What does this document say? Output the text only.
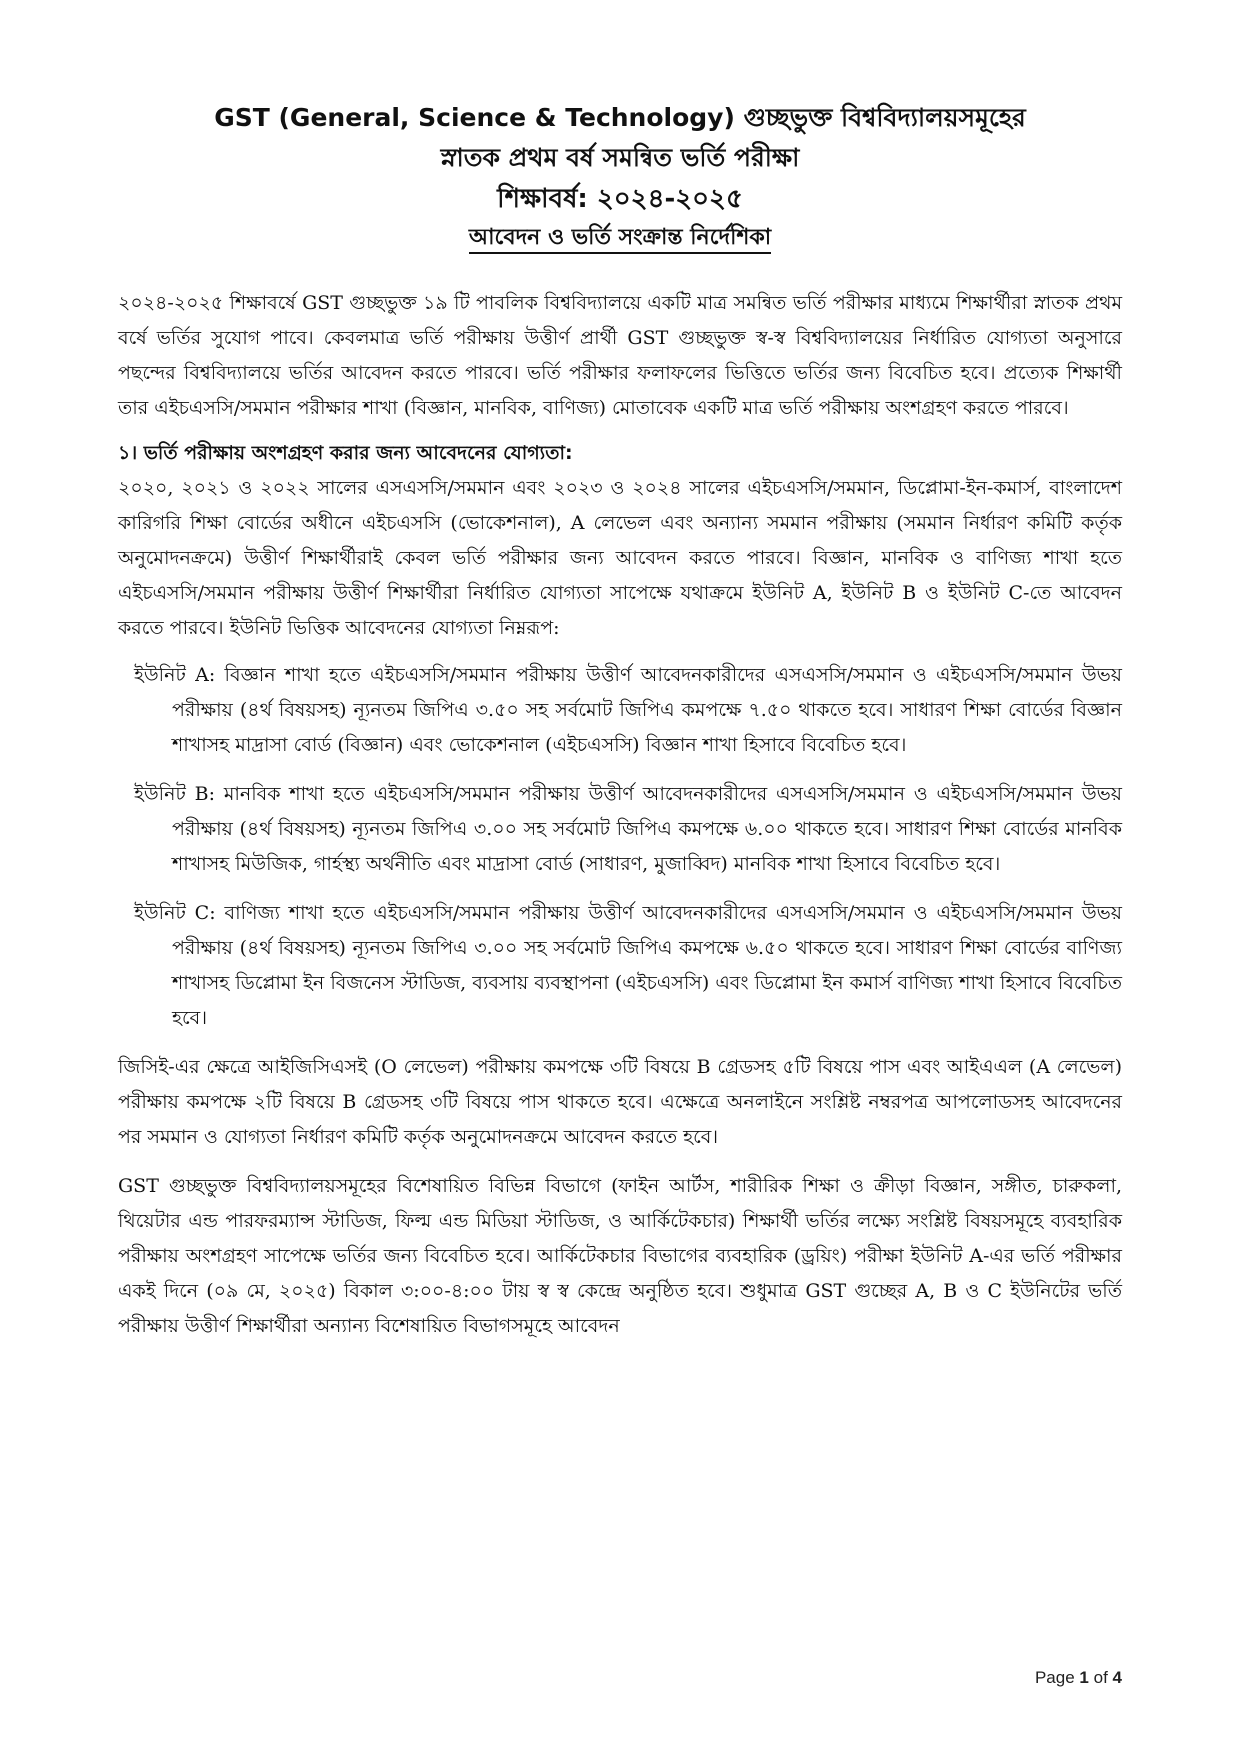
GST (General, Science & Technology) গুচ্ছভুক্ত বিশ্ববিদ্যালয়সমূহের
স্নাতক প্রথম বর্ষ সমন্বিত ভর্তি পরীক্ষা
শিক্ষাবর্ষ: ২০২৪-২০২৫
আবেদন ও ভর্তি সংক্রান্ত নির্দেশিকা

২০২৪-২০২৫ শিক্ষাবর্ষে GST গুচ্ছভুক্ত ১৯ টি পাবলিক বিশ্ববিদ্যালয়ে একটি মাত্র সমন্বিত ভর্তি পরীক্ষার মাধ্যমে শিক্ষার্থীরা স্নাতক প্রথম বর্ষে ভর্তির সুযোগ পাবে। কেবলমাত্র ভর্তি পরীক্ষায় উত্তীর্ণ প্রার্থী GST গুচ্ছভুক্ত স্ব-স্ব বিশ্ববিদ্যালয়ের নির্ধারিত যোগ্যতা অনুসারে পছন্দের বিশ্ববিদ্যালয়ে ভর্তির আবেদন করতে পারবে। ভর্তি পরীক্ষার ফলাফলের ভিত্তিতে ভর্তির জন্য বিবেচিত হবে। প্রত্যেক শিক্ষার্থী তার এইচএসসি/সমমান পরীক্ষার শাখা (বিজ্ঞান, মানবিক, বাণিজ্য) মোতাবেক একটি মাত্র ভর্তি পরীক্ষায় অংশগ্রহণ করতে পারবে।

১। ভর্তি পরীক্ষায় অংশগ্রহণ করার জন্য আবেদনের যোগ্যতা:

২০২০, ২০২১ ও ২০২২ সালের এসএসসি/সমমান এবং ২০২৩ ও ২০২৪ সালের এইচএসসি/সমমান, ডিপ্লোমা-ইন-কমার্স, বাংলাদেশ কারিগরি শিক্ষা বোর্ডের অধীনে এইচএসসি (ভোকেশনাল), A লেভেল এবং অন্যান্য সমমান পরীক্ষায় (সমমান নির্ধারণ কমিটি কর্তৃক অনুমোদনক্রমে) উত্তীর্ণ শিক্ষার্থীরাই কেবল ভর্তি পরীক্ষার জন্য আবেদন করতে পারবে। বিজ্ঞান, মানবিক ও বাণিজ্য শাখা হতে এইচএসসি/সমমান পরীক্ষায় উত্তীর্ণ শিক্ষার্থীরা নির্ধারিত যোগ্যতা সাপেক্ষে যথাক্রমে ইউনিট A, ইউনিট B ও ইউনিট C-তে আবেদন করতে পারবে। ইউনিট ভিত্তিক আবেদনের যোগ্যতা নিম্নরূপ:

ইউনিট A: বিজ্ঞান শাখা হতে এইচএসসি/সমমান পরীক্ষায় উত্তীর্ণ আবেদনকারীদের এসএসসি/সমমান ও এইচএসসি/সমমান উভয় পরীক্ষায় (৪র্থ বিষয়সহ) ন্যূনতম জিপিএ ৩.৫০ সহ সর্বমোট জিপিএ কমপক্ষে ৭.৫০ থাকতে হবে। সাধারণ শিক্ষা বোর্ডের বিজ্ঞান শাখাসহ মাদ্রাসা বোর্ড (বিজ্ঞান) এবং ভোকেশনাল (এইচএসসি) বিজ্ঞান শাখা হিসাবে বিবেচিত হবে।

ইউনিট B: মানবিক শাখা হতে এইচএসসি/সমমান পরীক্ষায় উত্তীর্ণ আবেদনকারীদের এসএসসি/সমমান ও এইচএসসি/সমমান উভয় পরীক্ষায় (৪র্থ বিষয়সহ) ন্যূনতম জিপিএ ৩.০০ সহ সর্বমোট জিপিএ কমপক্ষে ৬.০০ থাকতে হবে। সাধারণ শিক্ষা বোর্ডের মানবিক শাখাসহ মিউজিক, গার্হস্থ্য অর্থনীতি এবং মাদ্রাসা বোর্ড (সাধারণ, মুজাব্বিদ) মানবিক শাখা হিসাবে বিবেচিত হবে।

ইউনিট C: বাণিজ্য শাখা হতে এইচএসসি/সমমান পরীক্ষায় উত্তীর্ণ আবেদনকারীদের এসএসসি/সমমান ও এইচএসসি/সমমান উভয় পরীক্ষায় (৪র্থ বিষয়সহ) ন্যূনতম জিপিএ ৩.০০ সহ সর্বমোট জিপিএ কমপক্ষে ৬.৫০ থাকতে হবে। সাধারণ শিক্ষা বোর্ডের বাণিজ্য শাখাসহ ডিপ্লোমা ইন বিজনেস স্টাডিজ, ব্যবসায় ব্যবস্থাপনা (এইচএসসি) এবং ডিপ্লোমা ইন কমার্স বাণিজ্য শাখা হিসাবে বিবেচিত হবে।

জিসিই-এর ক্ষেত্রে আইজিসিএসই (O লেভেল) পরীক্ষায় কমপক্ষে ৩টি বিষয়ে B গ্রেডসহ ৫টি বিষয়ে পাস এবং আইএএল (A লেভেল) পরীক্ষায় কমপক্ষে ২টি বিষয়ে B গ্রেডসহ ৩টি বিষয়ে পাস থাকতে হবে। এক্ষেত্রে অনলাইনে সংশ্লিষ্ট নম্বরপত্র আপলোডসহ আবেদনের পর সমমান ও যোগ্যতা নির্ধারণ কমিটি কর্তৃক অনুমোদনক্রমে আবেদন করতে হবে।

GST গুচ্ছভুক্ত বিশ্ববিদ্যালয়সমূহের বিশেষায়িত বিভিন্ন বিভাগে (ফাইন আর্টস, শারীরিক শিক্ষা ও ক্রীড়া বিজ্ঞান, সঙ্গীত, চারুকলা, থিয়েটার এন্ড পারফরম্যান্স স্টাডিজ, ফিল্ম এন্ড মিডিয়া স্টাডিজ, ও আর্কিটেকচার) শিক্ষার্থী ভর্তির লক্ষ্যে সংশ্লিষ্ট বিষয়সমূহে ব্যবহারিক পরীক্ষায় অংশগ্রহণ সাপেক্ষে ভর্তির জন্য বিবেচিত হবে। আর্কিটেকচার বিভাগের ব্যবহারিক (ড্রয়িং) পরীক্ষা ইউনিট A-এর ভর্তি পরীক্ষার একই দিনে (০৯ মে, ২০২৫) বিকাল ৩:০০-৪:০০ টায় স্ব স্ব কেন্দ্রে অনুষ্ঠিত হবে। শুধুমাত্র GST গুচ্ছের A, B ও C ইউনিটের ভর্তি পরীক্ষায় উত্তীর্ণ শিক্ষার্থীরা অন্যান্য বিশেষায়িত বিভাগসমূহে আবেদন

Page 1 of 4
